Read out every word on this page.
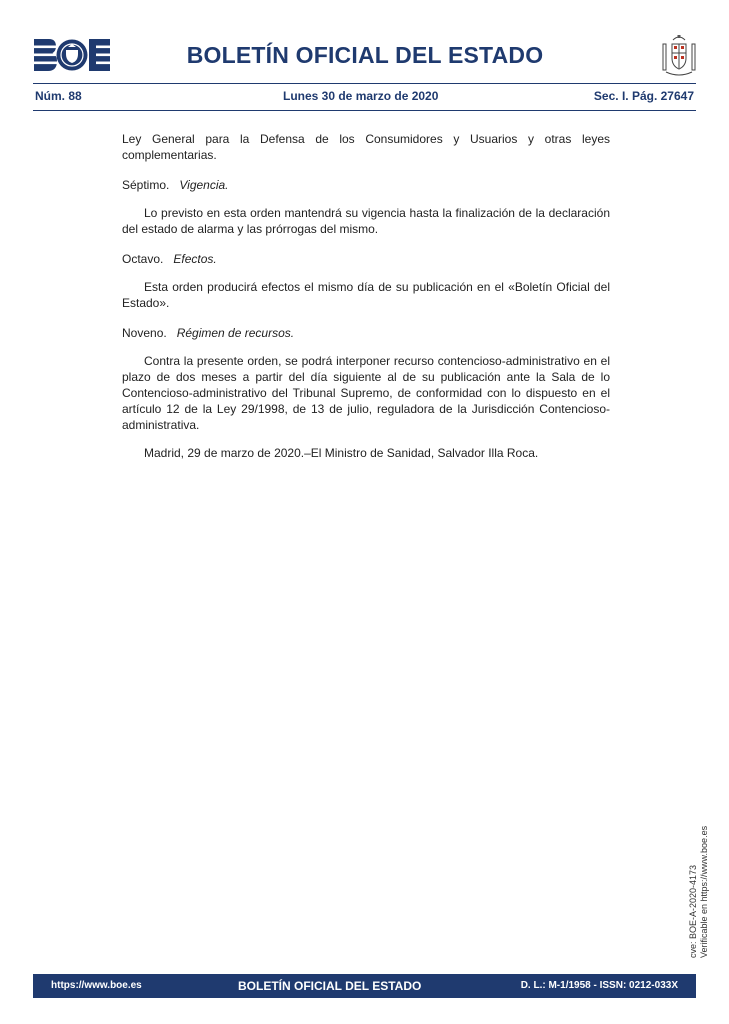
BOLETÍN OFICIAL DEL ESTADO
Núm. 88	Lunes 30 de marzo de 2020	Sec. I. Pág. 27647

Ley General para la Defensa de los Consumidores y Usuarios y otras leyes complementarias.

Séptimo. Vigencia.

Lo previsto en esta orden mantendrá su vigencia hasta la finalización de la declaración del estado de alarma y las prórrogas del mismo.

Octavo. Efectos.

Esta orden producirá efectos el mismo día de su publicación en el «Boletín Oficial del Estado».

Noveno. Régimen de recursos.

Contra la presente orden, se podrá interponer recurso contencioso-administrativo en el plazo de dos meses a partir del día siguiente al de su publicación ante la Sala de lo Contencioso-administrativo del Tribunal Supremo, de conformidad con lo dispuesto en el artículo 12 de la Ley 29/1998, de 13 de julio, reguladora de la Jurisdicción Contencioso-administrativa.

Madrid, 29 de marzo de 2020.–El Ministro de Sanidad, Salvador Illa Roca.

cve: BOE-A-2020-4173 Verificable en https://www.boe.es
https://www.boe.es	BOLETÍN OFICIAL DEL ESTADO	D. L.: M-1/1958 - ISSN: 0212-033X
